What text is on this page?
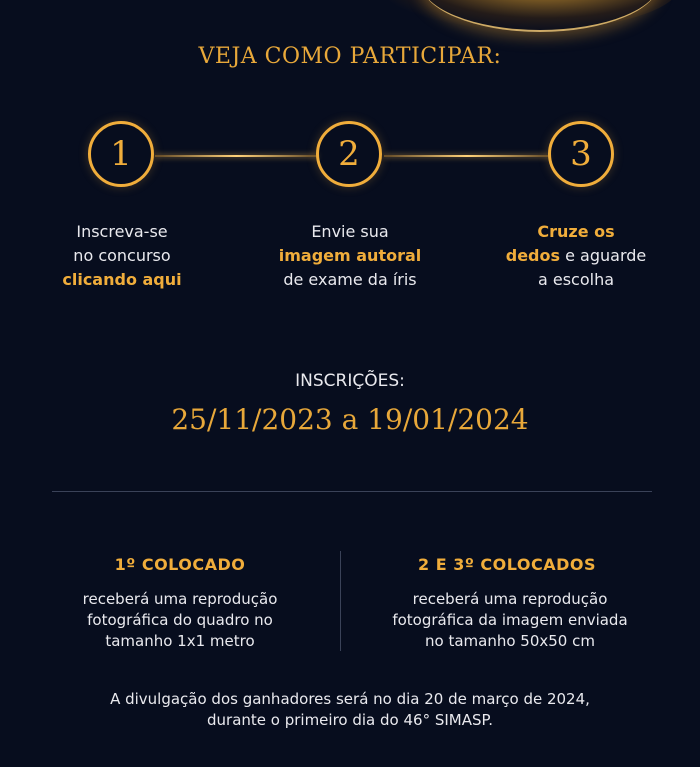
VEJA COMO PARTICIPAR:
1	2	3
Inscreva-se
no concurso
clicando aqui
Envie sua
imagem autoral
de exame da íris
Cruze os
dedos e aguarde
a escolha
INSCRIÇÕES:
25/11/2023 a 19/01/2024
1º COLOCADO
receberá uma reprodução
fotográfica do quadro no
tamanho 1x1 metro
2 E 3º COLOCADOS
receberá uma reprodução
fotográfica da imagem enviada
no tamanho 50x50 cm
A divulgação dos ganhadores será no dia 20 de março de 2024,
durante o primeiro dia do 46° SIMASP.
